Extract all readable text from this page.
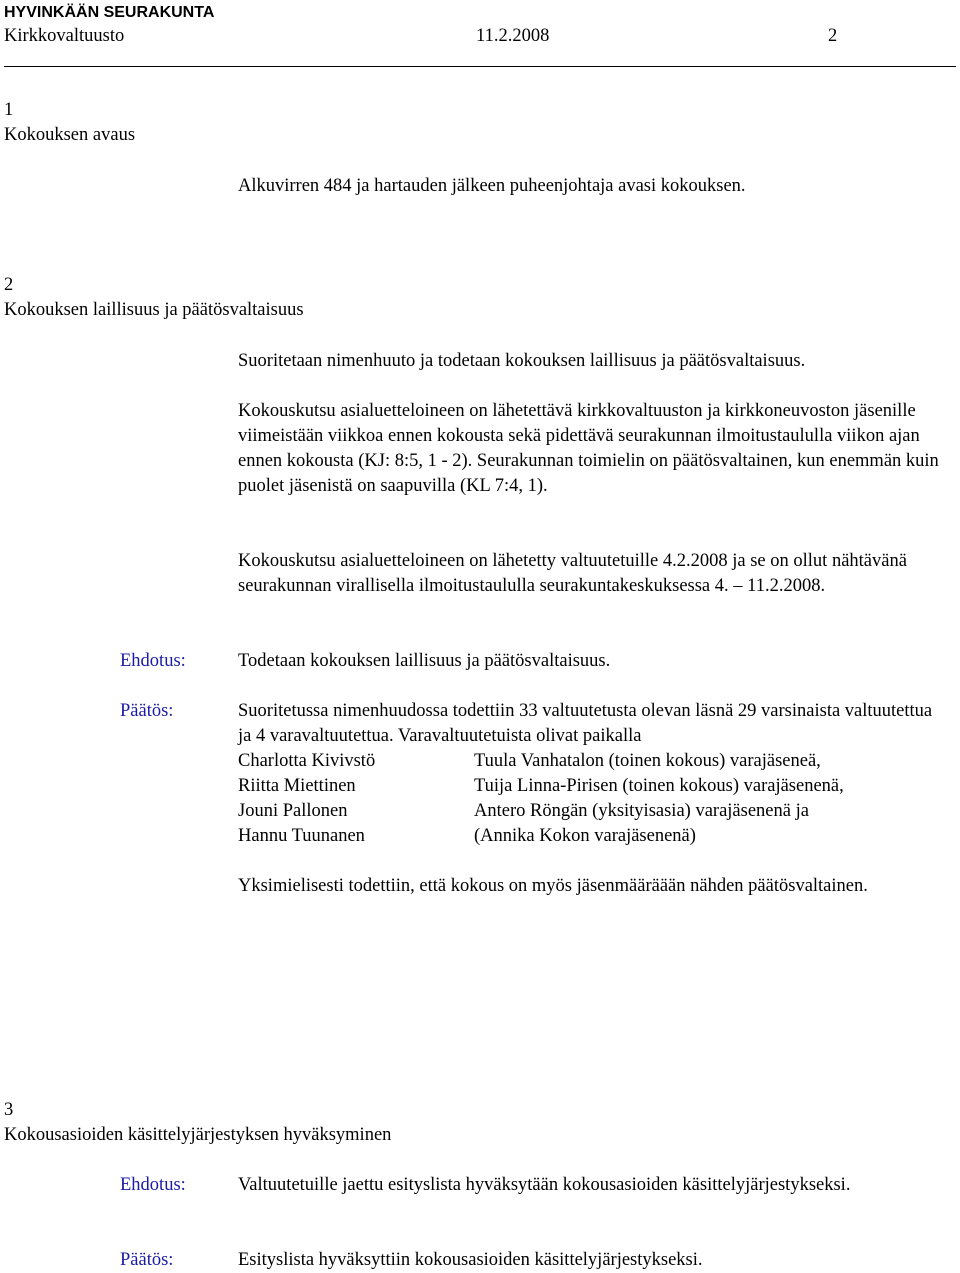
HYVINKÄÄN SEURAKUNTA
Kirkkovaltuusto	11.2.2008	2
1
Kokouksen avaus
Alkuvirren 484 ja hartauden jälkeen puheenjohtaja avasi kokouksen.
2
Kokouksen laillisuus ja päätösvaltaisuus

Suoritetaan nimenhuuto ja todetaan kokouksen laillisuus ja päätösvaltaisuus.

Kokouskutsu asialuetteloineen on lähetettävä kirkkovaltuuston ja kirkkoneuvoston jäsenille viimeistään viikkoa ennen kokousta sekä pidettävä seurakunnan ilmoitustaululla viikon ajan ennen kokousta (KJ: 8:5, 1 - 2). Seurakunnan toimielin on päätösvaltainen, kun enemmän kuin puolet jäsenistä on saapuvilla (KL 7:4, 1).

Kokouskutsu asialuetteloineen on lähetetty valtuutetuille 4.2.2008 ja se on ollut nähtävänä seurakunnan virallisella ilmoitustaululla seurakuntakeskuksessa 4. – 11.2.2008.

Ehdotus:	Todetaan kokouksen laillisuus ja päätösvaltaisuus.
Päätös:	Suoritetussa nimenhuudossa todettiin 33 valtuutetusta olevan läsnä 29 varsinaista valtuutettua ja 4 varavaltuutettua. Varavaltuutetuista olivat paikalla

Charlotta Kivivstö	Tuula Vanhatalon (toinen kokous) varajäseneä,
Riitta Miettinen	Tuija Linna-Pirisen (toinen kokous) varajäsenenä,
Jouni Pallonen	Antero Röngän (yksityisasia) varajäsenenä ja
Hannu Tuunanen	(Annika Kokon varajäsenenä)

Yksimielisesti todettiin, että kokous on myös jäsenmääräään nähden päätösvaltainen.

3
Kokousasioiden käsittelyjärjestyksen hyväksyminen
Ehdotus:	Valtuutetuille jaettu esityslista hyväksytään kokousasioiden käsittelyjärjestykseksi.

Päätös:	Esityslista hyväksyttiin kokousasioiden käsittelyjärjestykseksi.
